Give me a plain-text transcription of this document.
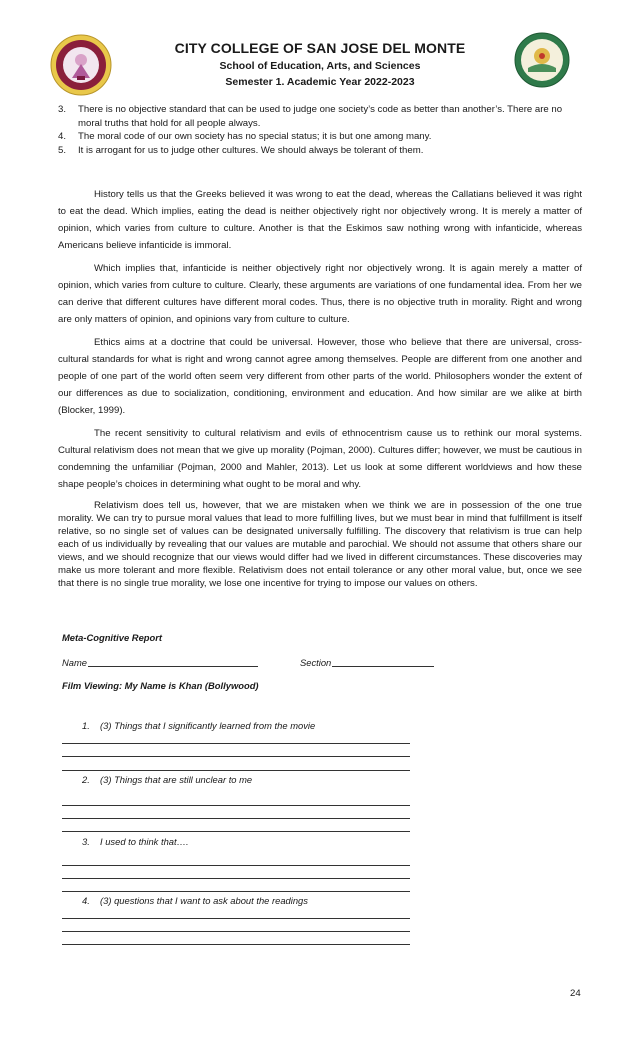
CITY COLLEGE OF SAN JOSE DEL MONTE
School of Education, Arts, and Sciences
Semester 1. Academic Year 2022-2023
3.	There is no objective standard that can be used to judge one society’s code as better than another’s. There are no moral truths that hold for all people always.
4.	The moral code of our own society has no special status; it is but one among many.
5.	It is arrogant for us to judge other cultures. We should always be tolerant of them.

History tells us that the Greeks believed it was wrong to eat the dead, whereas the Callatians believed it was right to eat the dead. Which implies, eating the dead is neither objectively right nor objectively wrong. It is merely a matter of opinion, which varies from culture to culture. Another is that the Eskimos saw nothing wrong with infanticide, whereas Americans believe infanticide is immoral.

Which implies that, infanticide is neither objectively right nor objectively wrong. It is again merely a matter of opinion, which varies from culture to culture. Clearly, these arguments are variations of one fundamental idea. From her we can derive that different cultures have different moral codes. Thus, there is no objective truth in morality. Right and wrong are only matters of opinion, and opinions vary from culture to culture.

Ethics aims at a doctrine that could be universal. However, those who believe that there are universal, cross-cultural standards for what is right and wrong cannot agree among themselves. People are different from one another and people of one part of the world often seem very different from other parts of the world. Philosophers wonder the extent of our differences as due to socialization, conditioning, environment and education. And how similar are we alike at birth (Blocker, 1999).

The recent sensitivity to cultural relativism and evils of ethnocentrism cause us to rethink our moral systems. Cultural relativism does not mean that we give up morality (Pojman, 2000). Cultures differ; however, we must be cautious in condemning the unfamiliar (Pojman, 2000 and Mahler, 2013). Let us look at some different worldviews and how these shape people’s choices in determining what ought to be moral and why.

Relativism does tell us, however, that we are mistaken when we think we are in possession of the one true morality. We can try to pursue moral values that lead to more fulfilling lives, but we must bear in mind that fulfillment is itself relative, so no single set of values can be designated universally fulfilling. The discovery that relativism is true can help each of us individually by revealing that our values are mutable and parochial. We should not assume that others share our views, and we should recognize that our views would differ had we lived in different circumstances. These discoveries may make us more tolerant and more flexible. Relativism does not entail tolerance or any other moral value, but, once we see that there is no single true morality, we lose one incentive for trying to impose our values on others.

Meta-Cognitive Report
Name	Section
Film Viewing: My Name is Khan (Bollywood)
1. (3) Things that I significantly learned from the movie
2. (3) Things that are still unclear to me
3. I used to think that….
4. (3) questions that I want to ask about the readings
24
